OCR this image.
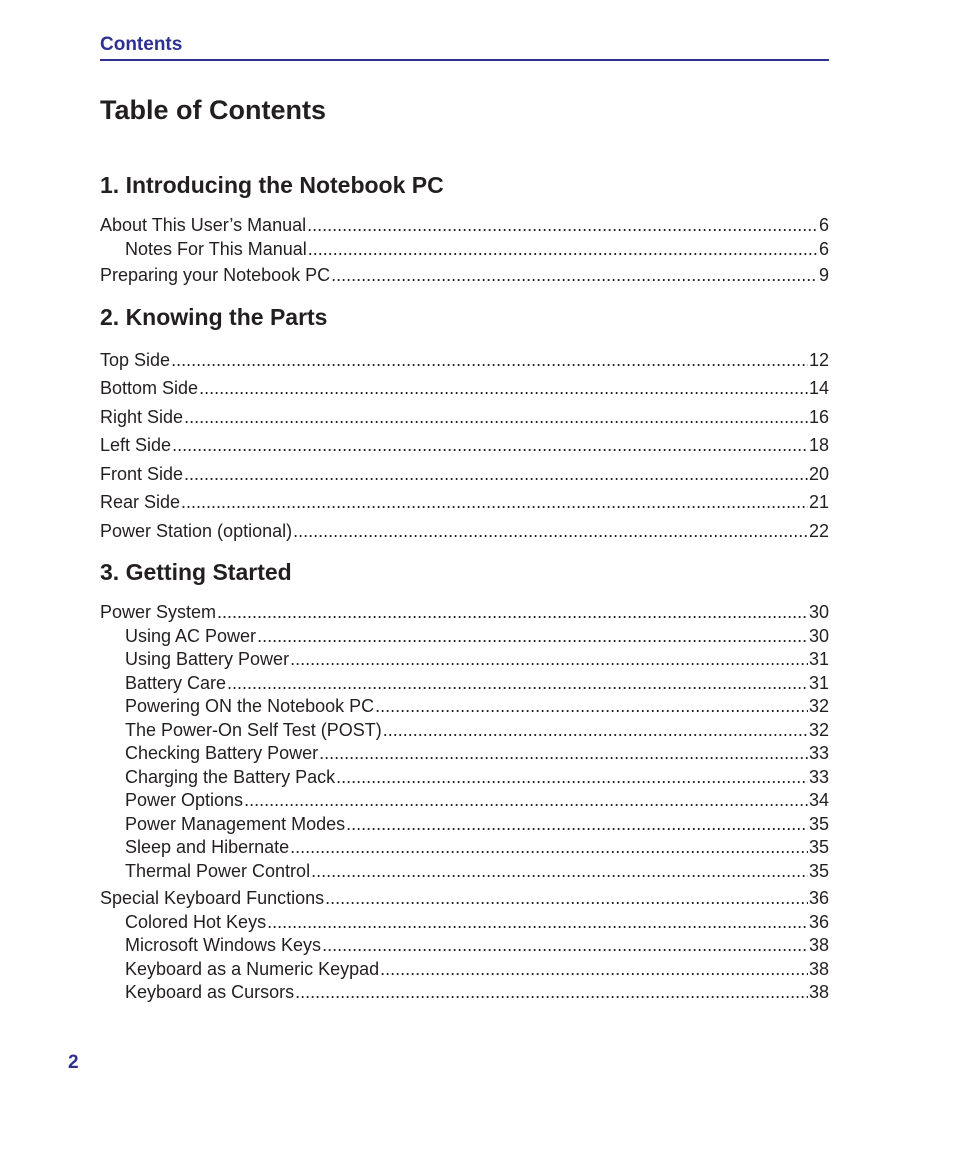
Contents
Table of Contents
1. Introducing the Notebook PC
About This User’s Manual .....	6
Notes For This Manual .....	6
Preparing your Notebook PC .....	9
2. Knowing the Parts
Top Side .....	12
Bottom Side .....	14
Right Side .....	16
Left Side .....	18
Front Side .....	20
Rear Side .....	21
Power Station (optional) .....	22
3. Getting Started
Power System .....	30
Using AC Power .....	30
Using Battery Power .....	31
Battery Care .....	31
Powering ON the Notebook PC .....	32
The Power-On Self Test (POST) .....	32
Checking Battery Power .....	33
Charging the Battery Pack .....	33
Power Options .....	34
Power Management Modes .....	35
Sleep and Hibernate .....	35
Thermal Power Control .....	35
Special Keyboard Functions .....	36
Colored Hot Keys .....	36
Microsoft Windows Keys .....	38
Keyboard as a Numeric Keypad .....	38
Keyboard as Cursors .....	38
2
